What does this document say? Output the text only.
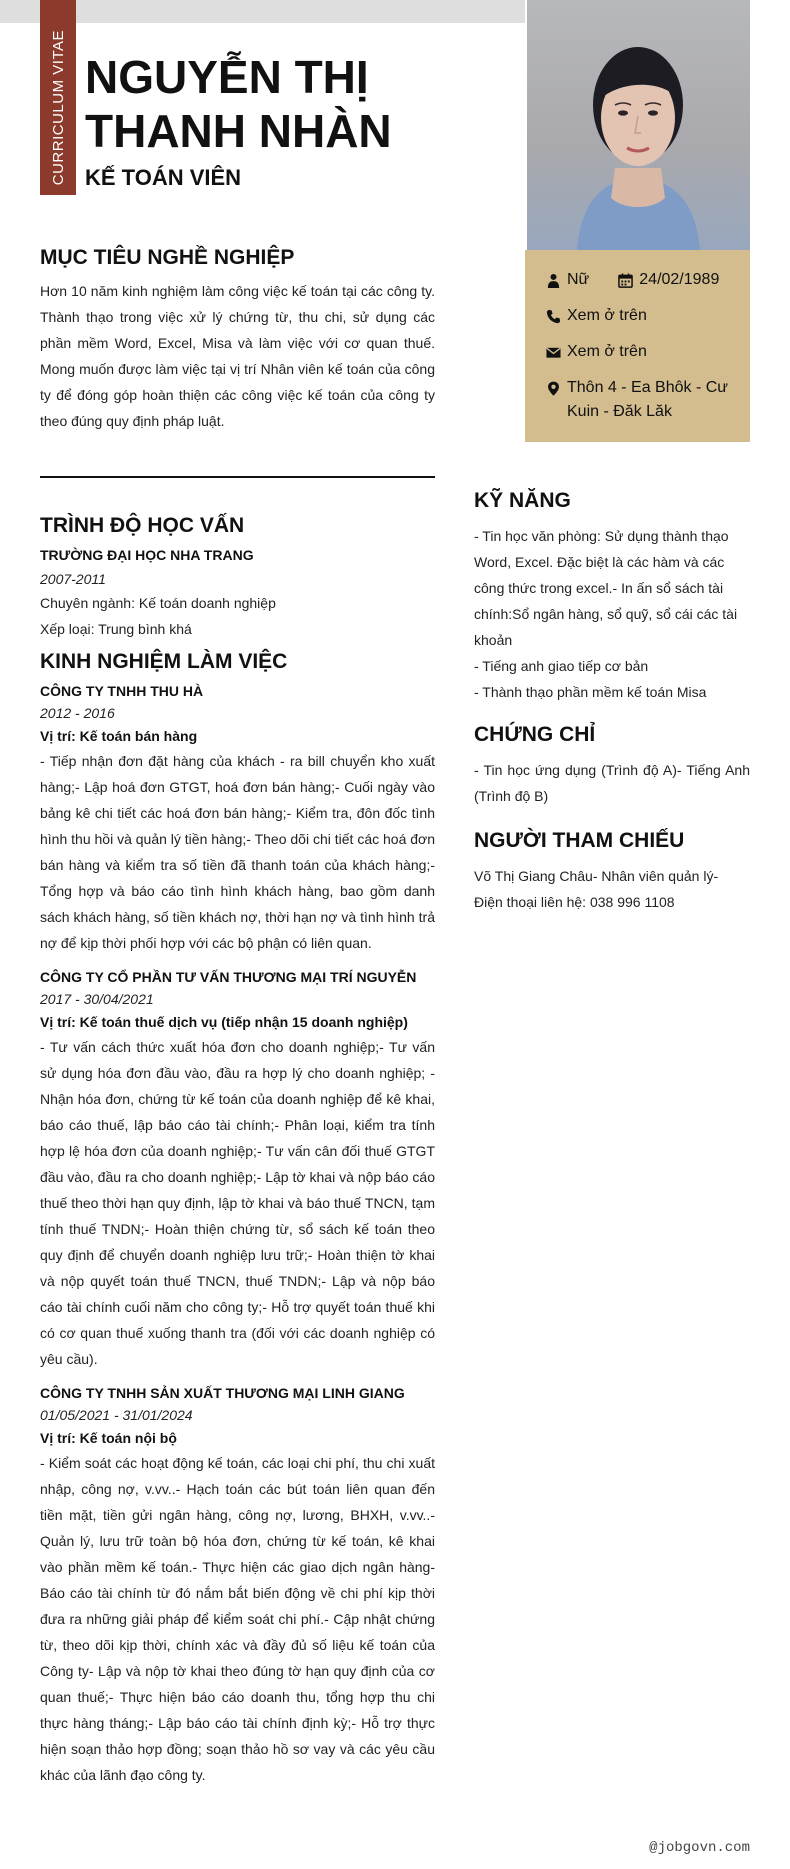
CURRICULUM VITAE NGUYỄN THỊ
THANH NHÀN

KẾ TOÁN VIÊN

Nữ	24/02/1989
Xem ở trên
Xem ở trên
Thôn 4 - Ea Bhôk - Cư Kuin - Đăk Lăk
MỤC TIÊU NGHỀ NGHIỆP

Hơn 10 năm kinh nghiệm làm công việc kế toán tại các công ty. Thành thạo trong việc xử lý chứng từ, thu chi, sử dụng các phần mềm Word, Excel, Misa và làm việc với cơ quan thuế. Mong muốn được làm việc tại vị trí Nhân viên kế toán của công ty để đóng góp hoàn thiện các công việc kế toán của công ty theo đúng quy định pháp luật.

TRÌNH ĐỘ HỌC VẤN

TRƯỜNG ĐẠI HỌC NHA TRANG

2007-2011

Chuyên ngành: Kế toán doanh nghiệp

Xếp loại: Trung bình khá

KINH NGHIỆM LÀM VIỆC

CÔNG TY TNHH THU HÀ

2012 - 2016

Vị trí: Kế toán bán hàng

- Tiếp nhận đơn đặt hàng của khách - ra bill chuyển kho xuất hàng;- Lập hoá đơn GTGT, hoá đơn bán hàng;- Cuối ngày vào bảng kê chi tiết các hoá đơn bán hàng;- Kiểm tra, đôn đốc tình hình thu hồi và quản lý tiền hàng;- Theo dõi chi tiết các hoá đơn bán hàng và kiểm tra số tiền đã thanh toán của khách hàng;- Tổng hợp và báo cáo tình hình khách hàng, bao gồm danh sách khách hàng, số tiền khách nợ, thời hạn nợ và tình hình trả nợ để kịp thời phối hợp với các bộ phận có liên quan.

CÔNG TY CỔ PHẦN TƯ VẤN THƯƠNG MẠI TRÍ NGUYỄN

2017 - 30/04/2021

Vị trí: Kế toán thuế dịch vụ (tiếp nhận 15 doanh nghiệp)

- Tư vấn cách thức xuất hóa đơn cho doanh nghiệp;- Tư vấn sử dụng hóa đơn đầu vào, đầu ra hợp lý cho doanh nghiệp; - Nhận hóa đơn, chứng từ kế toán của doanh nghiệp để kê khai, báo cáo thuế, lập báo cáo tài chính;- Phân loại, kiểm tra tính hợp lệ hóa đơn của doanh nghiệp;- Tư vấn cân đối thuế GTGT đầu vào, đầu ra cho doanh nghiệp;- Lập tờ khai và nộp báo cáo thuế theo thời hạn quy định, lập tờ khai và báo thuế TNCN, tạm tính thuế TNDN;- Hoàn thiện chứng từ, sổ sách kế toán theo quy định để chuyển doanh nghiệp lưu trữ;- Hoàn thiện tờ khai và nộp quyết toán thuế TNCN, thuế TNDN;- Lập và nộp báo cáo tài chính cuối năm cho công ty;- Hỗ trợ quyết toán thuế khi có cơ quan thuế xuống thanh tra (đối với các doanh nghiệp có yêu cầu).

CÔNG TY TNHH SẢN XUẤT THƯƠNG MẠI LINH GIANG

01/05/2021 - 31/01/2024

Vị trí: Kế toán nội bộ

- Kiểm soát các hoạt động kế toán, các loại chi phí, thu chi xuất nhập, công nợ, v.vv..- Hạch toán các bút toán liên quan đến tiền mặt, tiền gửi ngân hàng, công nợ, lương, BHXH, v.vv..- Quản lý, lưu trữ toàn bộ hóa đơn, chứng từ kế toán, kê khai vào phần mềm kế toán.- Thực hiện các giao dịch ngân hàng- Báo cáo tài chính từ đó nắm bắt biến động về chi phí kịp thời đưa ra những giải pháp để kiểm soát chi phí.- Cập nhật chứng từ, theo dõi kịp thời, chính xác và đầy đủ số liệu kế toán của Công ty- Lập và nộp tờ khai theo đúng tờ hạn quy định của cơ quan thuế;- Thực hiện báo cáo doanh thu, tổng hợp thu chi thực hàng tháng;- Lập báo cáo tài chính định kỳ;- Hỗ trợ thực hiện soạn thảo hợp đồng; soạn thảo hồ sơ vay và các yêu cầu khác của lãnh đạo công ty.

KỸ NĂNG

- Tin học văn phòng: Sử dụng thành thạo Word, Excel. Đặc biệt là các hàm và các công thức trong excel.- In ấn sổ sách tài chính:Sổ ngân hàng, sổ quỹ, sổ cái các tài khoản

- Tiếng anh giao tiếp cơ bản

- Thành thạo phần mềm kế toán Misa

CHỨNG CHỈ

- Tin học ứng dụng (Trình độ A)- Tiếng Anh (Trình độ B)

NGƯỜI THAM CHIẾU

Võ Thị Giang Châu- Nhân viên quản lý- Điện thoại liên hệ: 038 996 1108

@jobgovn.com
